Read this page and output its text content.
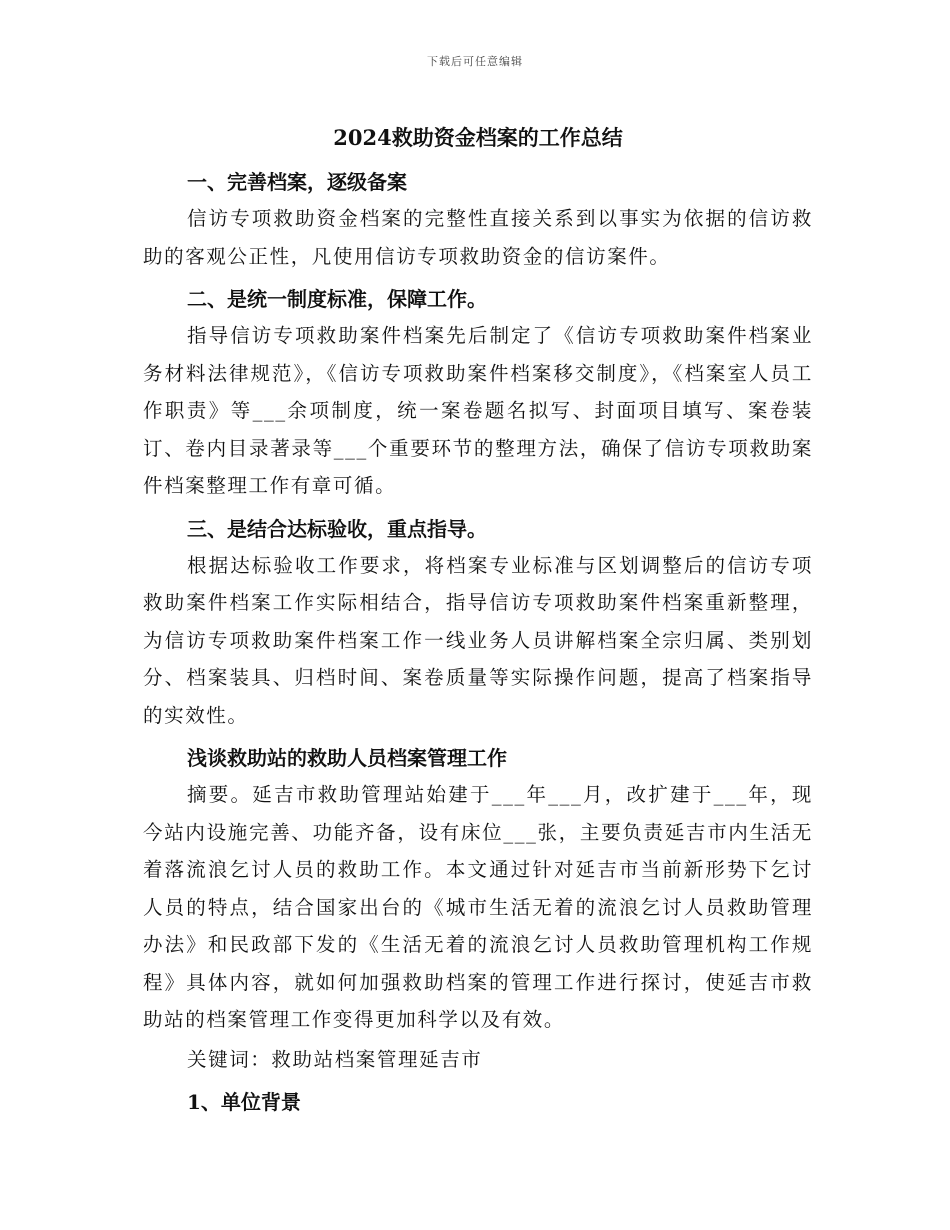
下载后可任意编辑
2024救助资金档案的工作总结
一、完善档案，逐级备案

信访专项救助资金档案的完整性直接关系到以事实为依据的信访救助的客观公正性，凡使用信访专项救助资金的信访案件。

二、是统一制度标准，保障工作。

指导信访专项救助案件档案先后制定了《信访专项救助案件档案业务材料法律规范》，《信访专项救助案件档案移交制度》，《档案室人员工作职责》等___余项制度，统一案卷题名拟写、封面项目填写、案卷装订、卷内目录著录等___个重要环节的整理方法，确保了信访专项救助案件档案整理工作有章可循。

三、是结合达标验收，重点指导。

根据达标验收工作要求，将档案专业标准与区划调整后的信访专项救助案件档案工作实际相结合，指导信访专项救助案件档案重新整理，为信访专项救助案件档案工作一线业务人员讲解档案全宗归属、类别划分、档案装具、归档时间、案卷质量等实际操作问题，提高了档案指导的实效性。

浅谈救助站的救助人员档案管理工作

摘要。延吉市救助管理站始建于___年___月，改扩建于___年，现今站内设施完善、功能齐备，设有床位___张，主要负责延吉市内生活无着落流浪乞讨人员的救助工作。本文通过针对延吉市当前新形势下乞讨人员的特点，结合国家出台的《城市生活无着的流浪乞讨人员救助管理办法》和民政部下发的《生活无着的流浪乞讨人员救助管理机构工作规程》具体内容，就如何加强救助档案的管理工作进行探讨，使延吉市救助站的档案管理工作变得更加科学以及有效。

关键词：救助站档案管理延吉市

1、单位背景
